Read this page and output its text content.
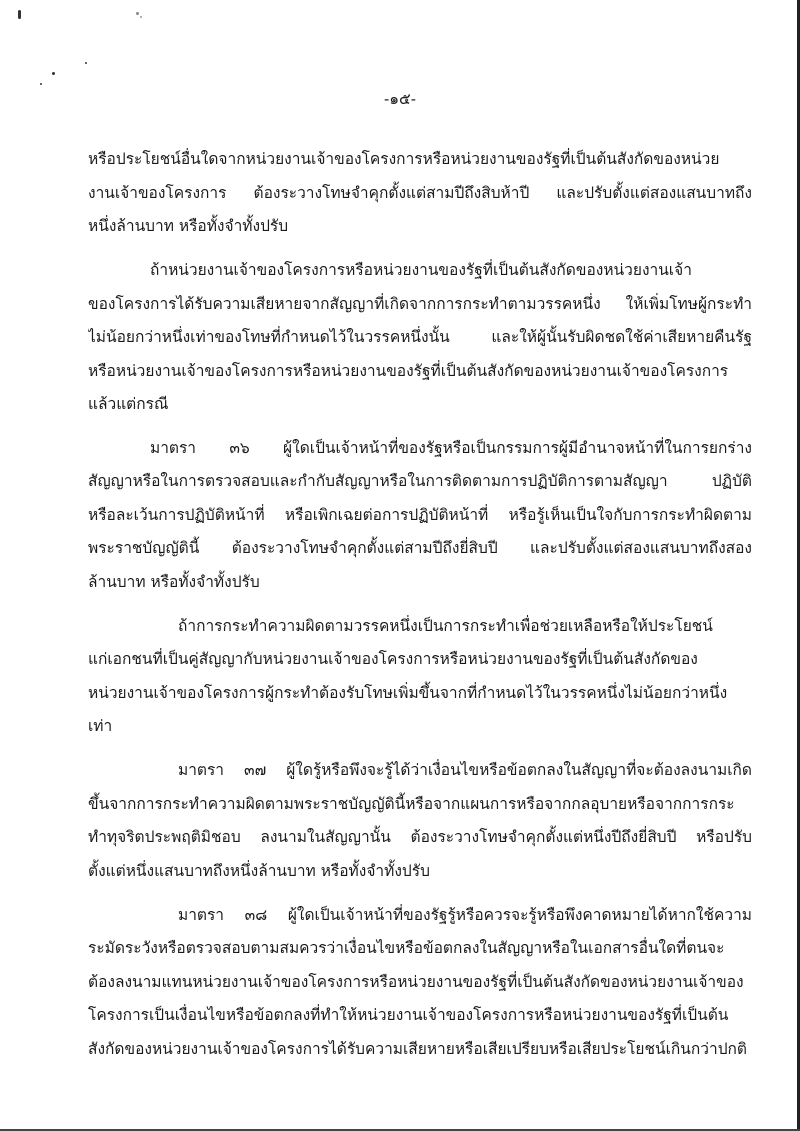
-๑๕-
หรือประโยชน์อื่นใดจากหน่วยงานเจ้าของโครงการหรือหน่วยงานของรัฐที่เป็นต้นสังกัดของหน่วย
งานเจ้าของโครงการ ต้องระวางโทษจำคุกตั้งแต่สามปีถึงสิบห้าปี และปรับตั้งแต่สองแสนบาทถึง
หนึ่งล้านบาท หรือทั้งจำทั้งปรับ
ถ้าหน่วยงานเจ้าของโครงการหรือหน่วยงานของรัฐที่เป็นต้นสังกัดของหน่วยงานเจ้า
ของโครงการได้รับความเสียหายจากสัญญาที่เกิดจากการกระทำตามวรรคหนึ่ง ให้เพิ่มโทษผู้กระทำ
ไม่น้อยกว่าหนึ่งเท่าของโทษที่กำหนดไว้ในวรรคหนึ่งนั้น และให้ผู้นั้นรับผิดชดใช้ค่าเสียหายคืนรัฐ
หรือหน่วยงานเจ้าของโครงการหรือหน่วยงานของรัฐที่เป็นต้นสังกัดของหน่วยงานเจ้าของโครงการ
แล้วแต่กรณี
มาตรา ๓๖ ผู้ใดเป็นเจ้าหน้าที่ของรัฐหรือเป็นกรรมการผู้มีอำนาจหน้าที่ในการยกร่าง
สัญญาหรือในการตรวจสอบและกำกับสัญญาหรือในการติดตามการปฏิบัติการตามสัญญา ปฏิบัติ
หรือละเว้นการปฏิบัติหน้าที่ หรือเพิกเฉยต่อการปฏิบัติหน้าที่ หรือรู้เห็นเป็นใจกับการกระทำผิดตาม
พระราชบัญญัตินี้ ต้องระวางโทษจำคุกตั้งแต่สามปีถึงยี่สิบปี และปรับตั้งแต่สองแสนบาทถึงสอง
ล้านบาท หรือทั้งจำทั้งปรับ
ถ้าการกระทำความผิดตามวรรคหนึ่งเป็นการกระทำเพื่อช่วยเหลือหรือให้ประโยชน์
แก่เอกชนที่เป็นคู่สัญญากับหน่วยงานเจ้าของโครงการหรือหน่วยงานของรัฐที่เป็นต้นสังกัดของ
หน่วยงานเจ้าของโครงการผู้กระทำต้องรับโทษเพิ่มขึ้นจากที่กำหนดไว้ในวรรคหนึ่งไม่น้อยกว่าหนึ่ง
เท่า
มาตรา ๓๗ ผู้ใดรู้หรือพึงจะรู้ได้ว่าเงื่อนไขหรือข้อตกลงในสัญญาที่จะต้องลงนามเกิด
ขึ้นจากการกระทำความผิดตามพระราชบัญญัตินี้หรือจากแผนการหรือจากกลอุบายหรือจากการกระ
ทำทุจริตประพฤติมิชอบ ลงนามในสัญญานั้น ต้องระวางโทษจำคุกตั้งแต่หนึ่งปีถึงยี่สิบปี หรือปรับ
ตั้งแต่หนึ่งแสนบาทถึงหนึ่งล้านบาท หรือทั้งจำทั้งปรับ
มาตรา ๓๘ ผู้ใดเป็นเจ้าหน้าที่ของรัฐรู้หรือควรจะรู้หรือพึงคาดหมายได้หากใช้ความ
ระมัดระวังหรือตรวจสอบตามสมควรว่าเงื่อนไขหรือข้อตกลงในสัญญาหรือในเอกสารอื่นใดที่ตนจะ
ต้องลงนามแทนหน่วยงานเจ้าของโครงการหรือหน่วยงานของรัฐที่เป็นต้นสังกัดของหน่วยงานเจ้าของ
โครงการเป็นเงื่อนไขหรือข้อตกลงที่ทำให้หน่วยงานเจ้าของโครงการหรือหน่วยงานของรัฐที่เป็นต้น
สังกัดของหน่วยงานเจ้าของโครงการได้รับความเสียหายหรือเสียเปรียบหรือเสียประโยชน์เกินกว่าปกติ
